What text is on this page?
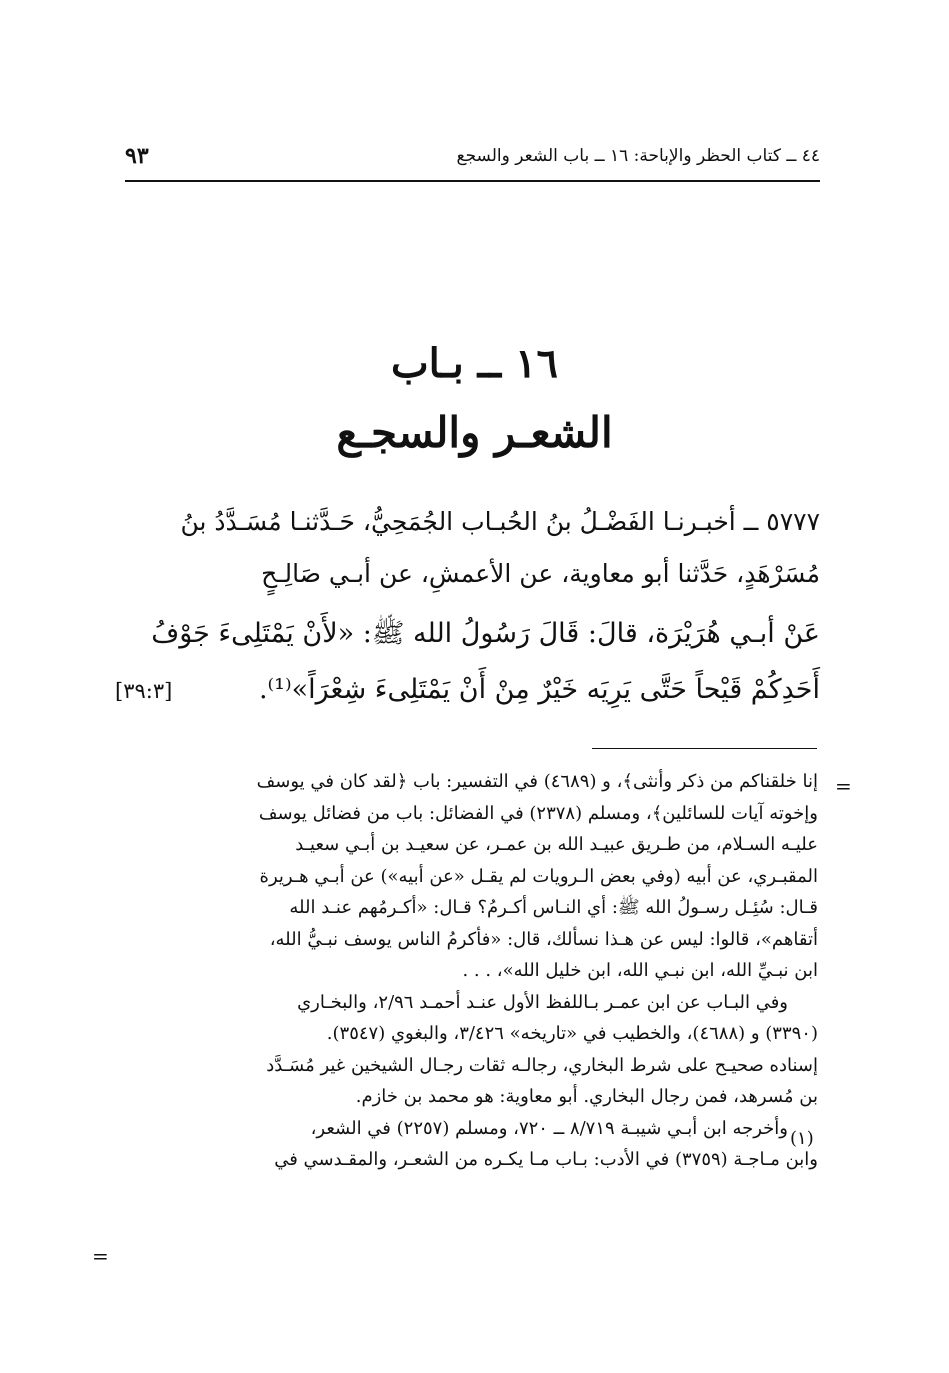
٤٤ ــ كتاب الحظر والإباحة: ١٦ ــ باب الشعر والسجع
٩٣
١٦ ــ بـاب
الشعـر والسجـع
٥٧٧٧ ــ أخبـرنـا الفَضْـلُ بنُ الحُبـاب الجُمَحِيُّ، حَـدَّثنـا مُسَـدَّدُ بنُ
مُسَرْهَدٍ، حَدَّثنا أبو معاوية، عن الأعمشِ، عن أبـي صَالِـحٍ
عَنْ أبـي هُرَيْرَة، قالَ: قَالَ رَسُولُ الله ﷺ: «لأَنْ يَمْتَلِىءَ جَوْفُ
أَحَدِكُمْ قَيْحاً حَتَّى يَرِيَه خَيْرٌ مِنْ أَنْ يَمْتَلِىءَ شِعْرَاً»⁽¹⁾.
[٣٩:٣]
=

إنا خلقناكم من ذكر وأنثى﴾، و (٤٦٨٩) في التفسير: باب ﴿لقد كان في يوسف

وإخوته آيات للسائلين﴾، ومسلم (٢٣٧٨) في الفضائل: باب من فضائل يوسف

عليـه السـلام، من طـريق عبيـد الله بن عمـر، عن سعيـد بن أبـي سعيـد

المقبـري، عن أبيه (وفي بعض الـرويات لم يقـل «عن أبيه») عن أبـي هـريرة

قـال: سُئِـل رسـولُ الله ﷺ: أي النـاس أكـرمُ؟ قـال: «أكـرمُهم عنـد الله

أتقاهم»، قالوا: ليس عن هـذا نسألك، قال: «فأكرمُ الناس يوسف نبـيُّ الله،

ابن نبـيِّ الله، ابن نبـي الله، ابن خليل الله»، . . .

وفي البـاب عن ابن عمـر بـاللفظ الأول عنـد أحمـد ٢/٩٦، والبخـاري

(٣٣٩٠) و (٤٦٨٨)، والخطيب في «تاريخه» ٣/٤٢٦، والبغوي (٣٥٤٧).

إسناده صحيـح على شرط البخاري، رجالـه ثقات رجـال الشيخين غير مُسَـدَّد

بن مُسرهد، فمن رجال البخاري. أبو معاوية: هو محمد بن خازم.

وأخرجه ابن أبـي شيبـة ٨/٧١٩ ــ ٧٢٠، ومسلم (٢٢٥٧) في الشعر،

وابن مـاجـة (٣٧٥٩) في الأدب: بـاب مـا يكـره من الشعـر، والمقـدسي في

(١)
=
